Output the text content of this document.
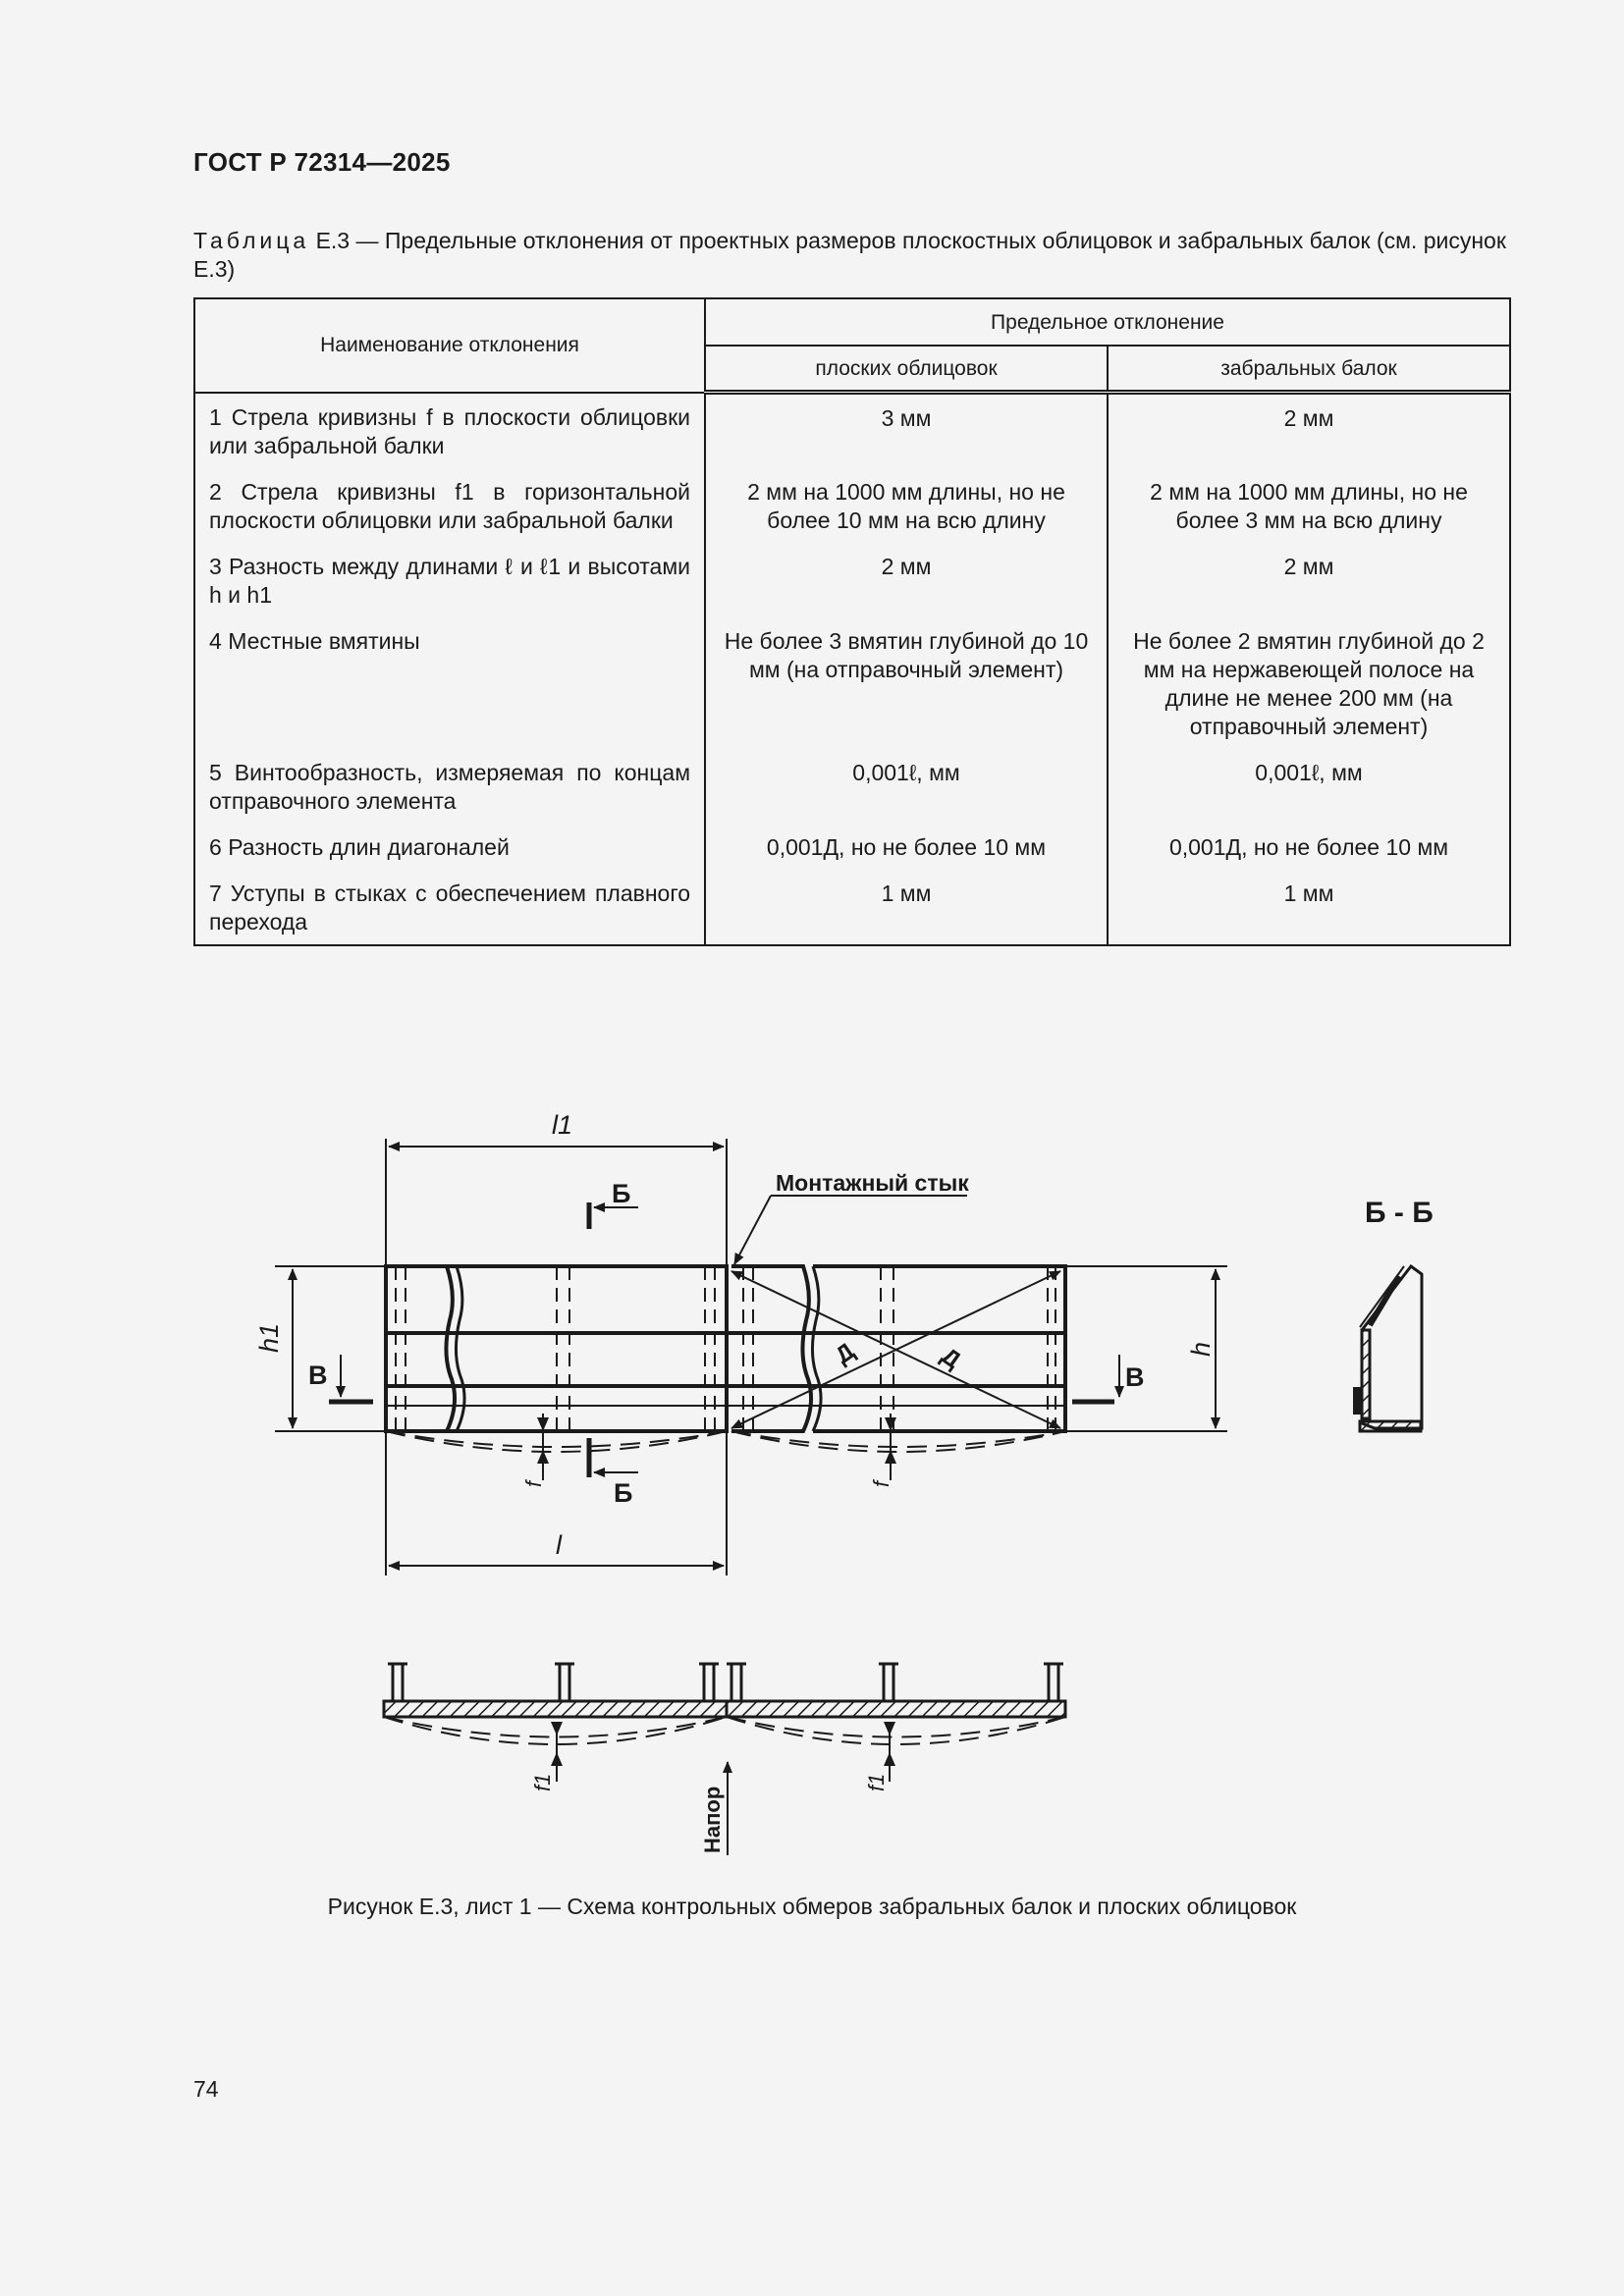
ГОСТ Р 72314—2025
Таблица Е.3 — Предельные отклонения от проектных размеров плоскостных облицовок и забральных балок (см. рисунок Е.3)
Наименование отклонения	Предельное отклонение	
	плоских облицовок	забральных балок
1 Стрела кривизны f в плоскости облицовки или забральной балки	3 мм	2 мм
2 Стрела кривизны f1 в горизонтальной плоскости облицовки или забральной балки	2 мм на 1000 мм длины, но не более 10 мм на всю длину	2 мм на 1000 мм длины, но не более 3 мм на всю длину
3 Разность между длинами ℓ и ℓ1 и высотами h и h1	2 мм	2 мм
4 Местные вмятины	Не более 3 вмятин глубиной до 10 мм (на отправочный элемент)	Не более 2 вмятин глубиной до 2 мм на нержавеющей полосе на длине не менее 200 мм (на отправочный элемент)
5 Винтообразность, измеряемая по концам отправочного элемента	0,001ℓ, мм	0,001ℓ, мм
6 Разность длин диагоналей	0,001Д, но не более 10 мм	0,001Д, но не более 10 мм
7 Уступы в стыках с обеспечением плавного перехода	1 мм	1 мм
l1
l
h1	h
f	f
Б
Б
В	В
Д	Д
Монтажный стык
Б - Б
f1	f1
Напор
Рисунок Е.3, лист 1 — Схема контрольных обмеров забральных балок и плоских облицовок
74
